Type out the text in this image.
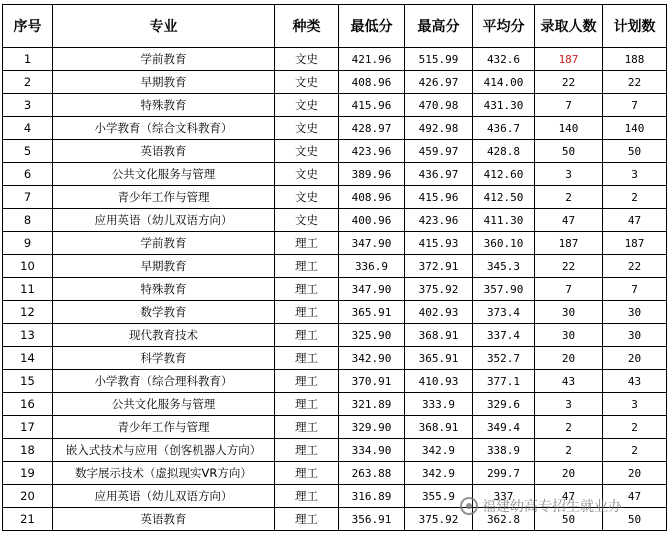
序号	专业	种类	最低分	最高分	平均分	录取人数	计划数
1	学前教育	文史	421.96	515.99	432.6	187	188
2	早期教育	文史	408.96	426.97	414.00	22	22
3	特殊教育	文史	415.96	470.98	431.30	7	7
4	小学教育（综合文科教育）	文史	428.97	492.98	436.7	140	140
5	英语教育	文史	423.96	459.97	428.8	50	50
6	公共文化服务与管理	文史	389.96	436.97	412.60	3	3
7	青少年工作与管理	文史	408.96	415.96	412.50	2	2
8	应用英语（幼儿双语方向）	文史	400.96	423.96	411.30	47	47
9	学前教育	理工	347.90	415.93	360.10	187	187
10	早期教育	理工	336.9	372.91	345.3	22	22
11	特殊教育	理工	347.90	375.92	357.90	7	7
12	数学教育	理工	365.91	402.93	373.4	30	30
13	现代教育技术	理工	325.90	368.91	337.4	30	30
14	科学教育	理工	342.90	365.91	352.7	20	20
15	小学教育（综合理科教育）	理工	370.91	410.93	377.1	43	43
16	公共文化服务与管理	理工	321.89	333.9	329.6	3	3
17	青少年工作与管理	理工	329.90	368.91	349.4	2	2
18	嵌入式技术与应用（创客机器人方向）	理工	334.90	342.9	338.9	2	2
19	数字展示技术（虚拟现实VR方向）	理工	263.88	342.9	299.7	20	20
20	应用英语（幼儿双语方向）	理工	316.89	355.9	337	47	47
21	英语教育	理工	356.91	375.92	362.8	50	50
福建幼高专招生就业办
